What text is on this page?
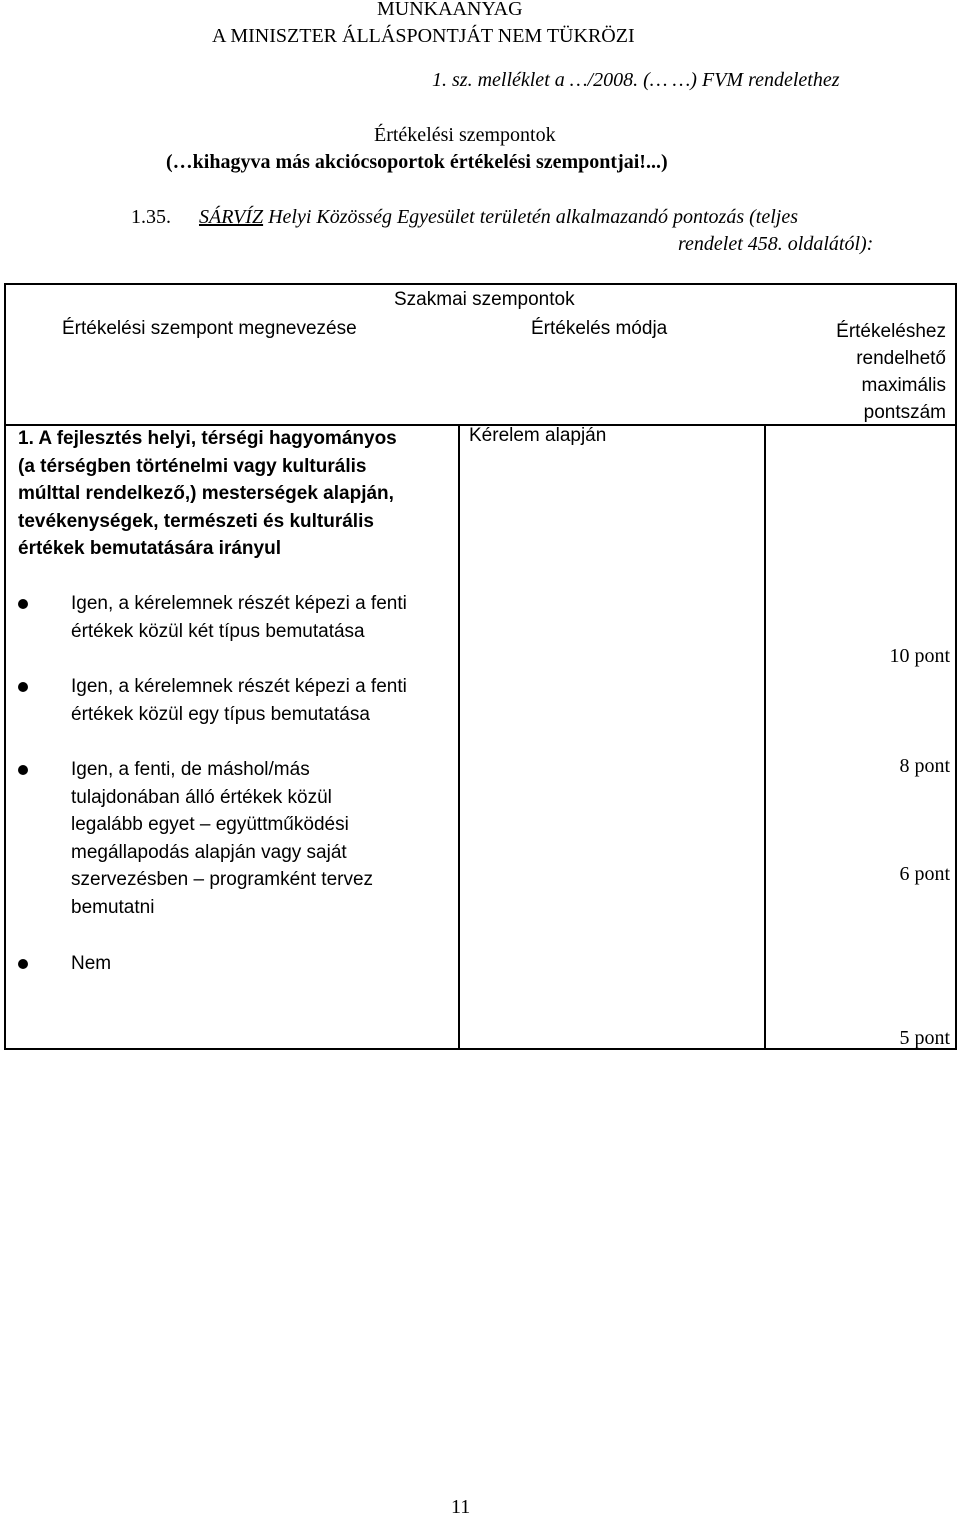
MUNKAANYAG
A MINISZTER ÁLLÁSPONTJÁT NEM TÜKRÖZI
1. sz. melléklet a …/2008. (… …) FVM rendelethez
Értékelési szempontok
(…kihagyva más akciócsoportok értékelési szempontjai!...)
1.35. SÁRVÍZ Helyi Közösség Egyesület területén alkalmazandó pontozás (teljes
rendelet 458. oldalától):
Szakmai szempontok
Értékelési szempont megnevezése	Értékelés módja	Értékeléshez
rendelhető
maximális
pontszám
1. A fejlesztés helyi, térségi hagyományos
(a térségben történelmi vagy kulturális
múlttal rendelkező,) mesterségek alapján,
tevékenységek, természeti és kulturális
értékek bemutatására irányul
Kérelem alapján
Igen, a kérelemnek részét képezi a fenti
értékek közül két típus bemutatása
Igen, a kérelemnek részét képezi a fenti
értékek közül egy típus bemutatása
Igen, a fenti, de máshol/más
tulajdonában álló értékek közül
legalább egyet – együttműködési
megállapodás alapján vagy saját
szervezésben – programként tervez
bemutatni
Nem
10 pont
8 pont
6 pont
5 pont
11
